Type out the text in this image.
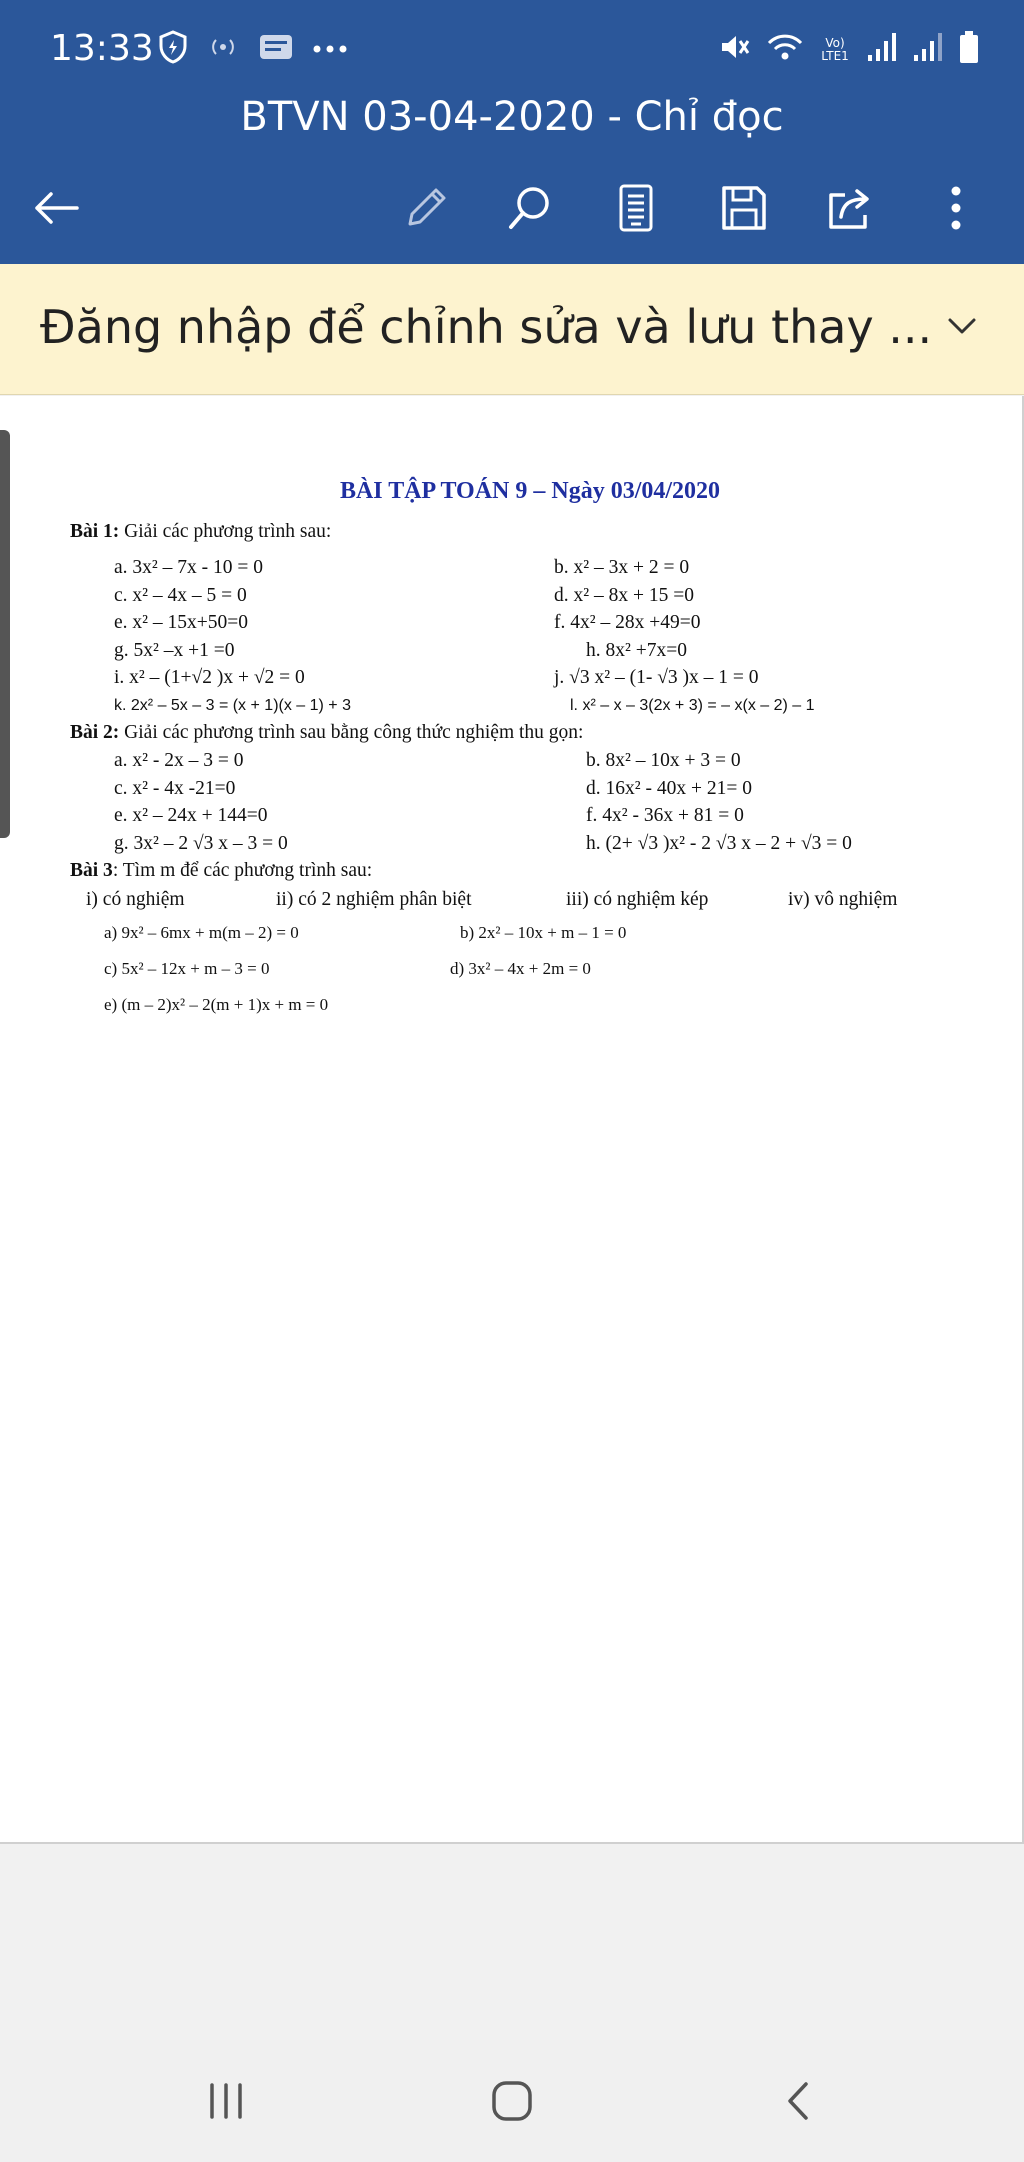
13:33	Vo) LTE1
BTVN 03-04-2020 - Chỉ đọc
Đăng nhập để chỉnh sửa và lưu thay ...
BÀI TẬP TOÁN 9 – Ngày 03/04/2020
Bài 1: Giải các phương trình sau:
a. 3x² – 7x - 10 = 0	b. x² – 3x + 2 = 0
c. x² – 4x – 5 = 0	d. x² – 8x + 15 =0
e. x² – 15x+50=0	f. 4x² – 28x +49=0
g. 5x² –x +1 =0	h. 8x² +7x=0
i. x² – (1+√2 )x + √2 = 0	j. √3 x² – (1- √3 )x – 1 = 0
k. 2x² – 5x – 3 = (x + 1)(x – 1) + 3	l. x² – x – 3(2x + 3) = – x(x – 2) – 1
Bài 2: Giải các phương trình sau bằng công thức nghiệm thu gọn:
a. x² - 2x – 3 = 0	b. 8x² – 10x + 3 = 0
c. x² - 4x -21=0	d. 16x² - 40x + 21= 0
e. x² – 24x + 144=0	f. 4x² - 36x + 81 = 0
g. 3x² – 2 √3 x – 3 = 0	h. (2+ √3 )x² - 2 √3 x – 2 + √3 = 0
Bài 3: Tìm m để các phương trình sau:
i) có nghiệm	ii) có 2 nghiệm phân biệt	iii) có nghiệm kép	iv) vô nghiệm
a) 9x² – 6mx + m(m – 2) = 0	b) 2x² – 10x + m – 1 = 0
c) 5x² – 12x + m – 3 = 0	d) 3x² – 4x + 2m = 0
e) (m – 2)x² – 2(m + 1)x + m = 0
